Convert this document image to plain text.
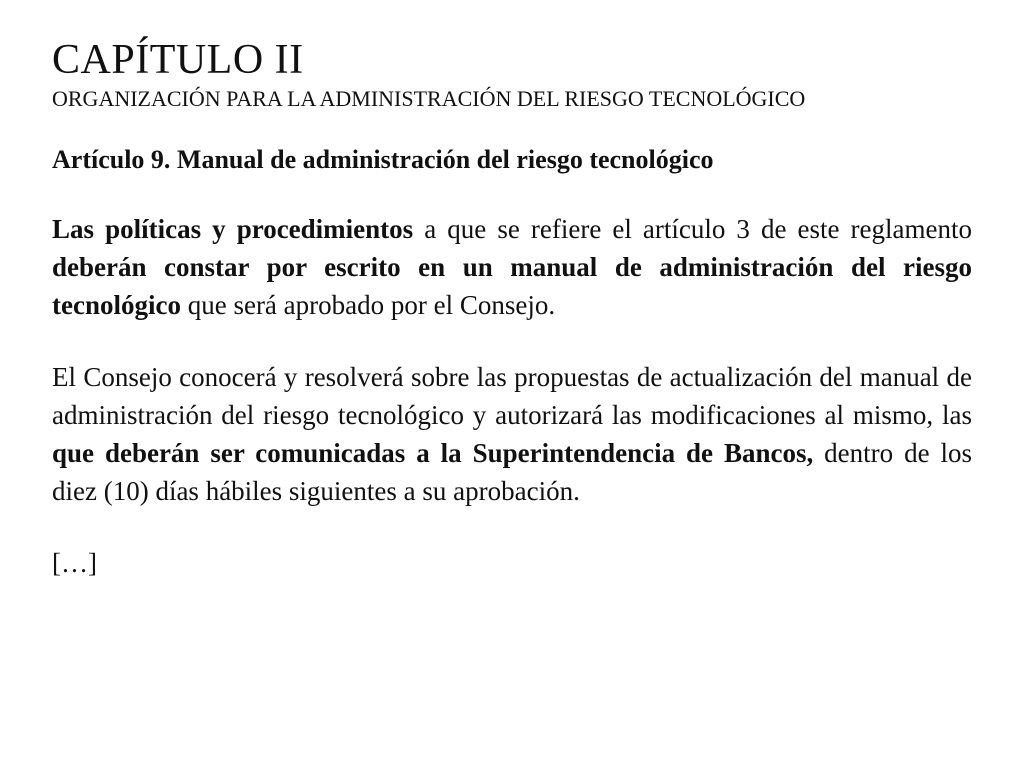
CAPÍTULO II

ORGANIZACIÓN PARA LA ADMINISTRACIÓN DEL RIESGO TECNOLÓGICO

Artículo 9. Manual de administración del riesgo tecnológico

Las políticas y procedimientos a que se refiere el artículo 3 de este reglamento deberán constar por escrito en un manual de administración del riesgo tecnológico que será aprobado por el Consejo.

El Consejo conocerá y resolverá sobre las propuestas de actualización del manual de administración del riesgo tecnológico y autorizará las modificaciones al mismo, las que deberán ser comunicadas a la Superintendencia de Bancos, dentro de los diez (10) días hábiles siguientes a su aprobación.

[…]
